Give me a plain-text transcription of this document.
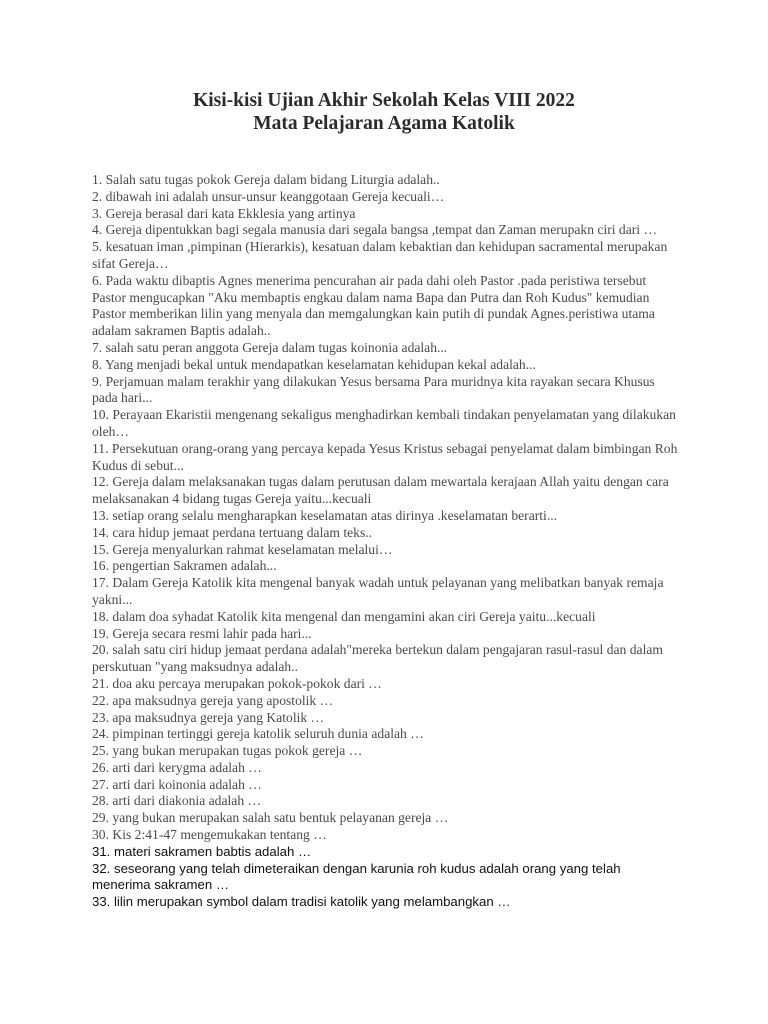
Kisi-kisi Ujian Akhir Sekolah Kelas VIII 2022
Mata Pelajaran Agama Katolik
1. Salah satu tugas pokok Gereja dalam bidang Liturgia adalah..
2. dibawah ini adalah unsur-unsur keanggotaan Gereja kecuali…
3. Gereja berasal dari kata Ekklesia yang artinya
4. Gereja dipentukkan bagi segala manusia dari segala bangsa ,tempat dan Zaman merupakn ciri dari …
5. kesatuan iman ,pimpinan (Hierarkis), kesatuan dalam kebaktian dan kehidupan sacramental merupakan sifat Gereja…
6. Pada waktu dibaptis Agnes menerima pencurahan air pada dahi oleh Pastor .pada peristiwa tersebut Pastor mengucapkan "Aku membaptis engkau dalam nama Bapa dan Putra dan Roh Kudus" kemudian Pastor memberikan lilin yang menyala dan memgalungkan kain putih di pundak Agnes.peristiwa utama adalam sakramen Baptis adalah..
7. salah satu peran anggota Gereja dalam tugas koinonia adalah...
8. Yang menjadi bekal untuk mendapatkan keselamatan kehidupan kekal adalah...
9. Perjamuan malam terakhir yang dilakukan Yesus bersama Para muridnya kita rayakan secara Khusus pada hari...
10. Perayaan Ekaristii mengenang sekaligus menghadirkan kembali tindakan penyelamatan yang dilakukan oleh…
11. Persekutuan orang-orang yang percaya kepada Yesus Kristus sebagai penyelamat dalam bimbingan Roh Kudus di sebut...
12. Gereja dalam melaksanakan tugas dalam perutusan dalam mewartala kerajaan Allah yaitu dengan cara melaksanakan 4 bidang tugas Gereja yaitu...kecuali
13. setiap orang selalu mengharapkan keselamatan atas dirinya .keselamatan berarti...
14. cara hidup jemaat perdana tertuang dalam teks..
15. Gereja menyalurkan rahmat keselamatan melalui…
16. pengertian Sakramen adalah...
17. Dalam Gereja Katolik kita mengenal banyak wadah untuk pelayanan yang melibatkan banyak remaja yakni...
18. dalam doa syhadat Katolik kita mengenal dan mengamini akan ciri Gereja yaitu...kecuali
19. Gereja secara resmi lahir pada hari...
20. salah satu ciri hidup jemaat perdana adalah"mereka bertekun dalam pengajaran rasul-rasul dan dalam perskutuan "yang maksudnya adalah..
21. doa aku percaya merupakan pokok-pokok dari …
22. apa maksudnya gereja yang apostolik …
23. apa maksudnya gereja yang Katolik …
24. pimpinan tertinggi gereja katolik seluruh dunia adalah …
25. yang bukan merupakan tugas pokok gereja …
26. arti dari kerygma adalah …
27. arti dari koinonia adalah …
28. arti dari diakonia adalah …
29. yang bukan merupakan salah satu bentuk pelayanan gereja …
30. Kis 2:41-47 mengemukakan tentang …
31. materi sakramen babtis adalah …
32. seseorang yang telah dimeteraikan dengan karunia roh kudus adalah orang yang telah menerima sakramen …
33. lilin merupakan symbol dalam tradisi katolik yang melambangkan …
